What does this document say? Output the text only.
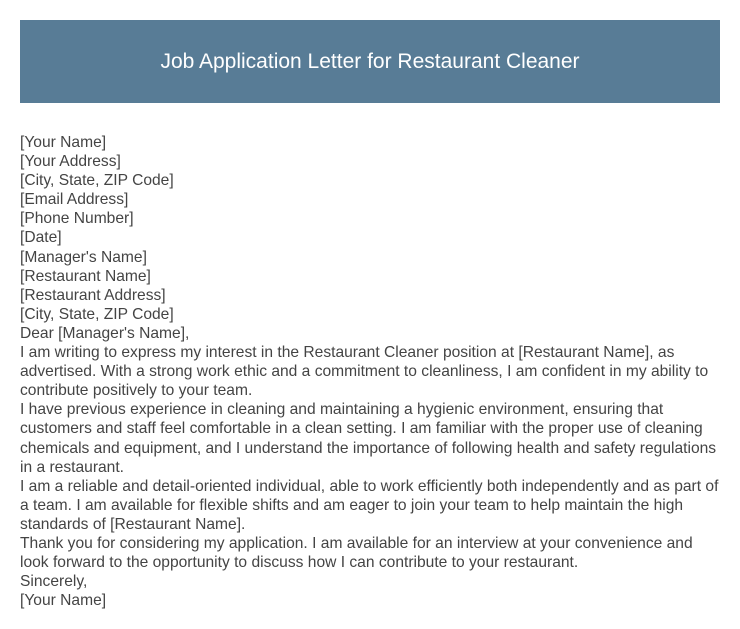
Job Application Letter for Restaurant Cleaner

[Your Name]

[Your Address]

[City, State, ZIP Code]

[Email Address]

[Phone Number]

[Date]

[Manager's Name]

[Restaurant Name]

[Restaurant Address]

[City, State, ZIP Code]

Dear [Manager's Name],

I am writing to express my interest in the Restaurant Cleaner position at [Restaurant Name], as advertised. With a strong work ethic and a commitment to cleanliness, I am confident in my ability to contribute positively to your team.

I have previous experience in cleaning and maintaining a hygienic environment, ensuring that customers and staff feel comfortable in a clean setting. I am familiar with the proper use of cleaning chemicals and equipment, and I understand the importance of following health and safety regulations in a restaurant.

I am a reliable and detail-oriented individual, able to work efficiently both independently and as part of a team. I am available for flexible shifts and am eager to join your team to help maintain the high standards of [Restaurant Name].

Thank you for considering my application. I am available for an interview at your convenience and look forward to the opportunity to discuss how I can contribute to your restaurant.

Sincerely,

[Your Name]
